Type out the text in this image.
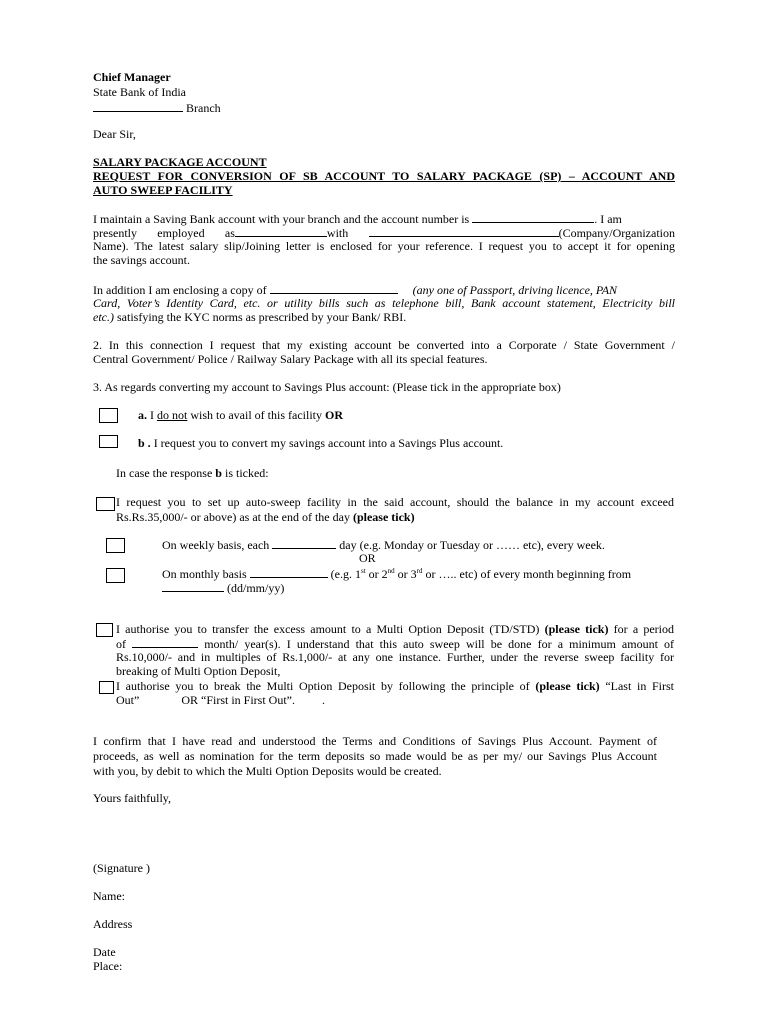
Chief Manager
State Bank of India
Branch
Dear Sir,
SALARY PACKAGE ACCOUNT
REQUEST FOR CONVERSION OF SB ACCOUNT TO SALARY PACKAGE (SP) – ACCOUNT AND
AUTO SWEEP FACILITY
I maintain a Saving Bank account with your branch and the account number is	. I am
presently employed as	with	(Company/Organization
Name). The latest salary slip/Joining letter is enclosed for your reference. I request you to accept it for opening
the savings account.
In addition I am enclosing a copy of	(any one of Passport, driving licence, PAN
Card, Voter’s Identity Card, etc. or utility bills such as telephone bill, Bank account statement, Electricity bill
etc.) satisfying the KYC norms as prescribed by your Bank/ RBI.
2. In this connection I request that my existing account be converted into a Corporate / State Government /
Central Government/ Police / Railway Salary Package with all its special features.
3. As regards converting my account to Savings Plus account: (Please tick in the appropriate box)
a. I do not wish to avail of this facility OR
b . I request you to convert my savings account into a Savings Plus account.
In case the response b is ticked:
I request you to set up auto-sweep facility in the said account, should the balance in my account exceed
Rs.Rs.35,000/- or above) as at the end of the day (please tick)
On weekly basis, each	day (e.g. Monday or Tuesday or …… etc), every week.
OR
On monthly basis	(e.g. 1st or 2nd or 3rd or ….. etc) of every month beginning from
(dd/mm/yy)
I authorise you to transfer the excess amount to a Multi Option Deposit (TD/STD) (please tick) for a period
of	month/ year(s). I understand that this auto sweep will be done for a minimum amount of
Rs.10,000/- and in multiples of Rs.1,000/- at any one instance. Further, under the reverse sweep facility for
breaking of Multi Option Deposit,
I authorise you to break the Multi Option Deposit by following the principle of (please tick) “Last in First
Out”              OR “First in First Out”.         .
I confirm that I have read and understood the Terms and Conditions of Savings Plus Account. Payment of
proceeds, as well as nomination for the term deposits so made would be as per my/ our Savings Plus Account
with you, by debit to which the Multi Option Deposits would be created.
Yours faithfully,
(Signature )
Name:
Address
Date
Place:
